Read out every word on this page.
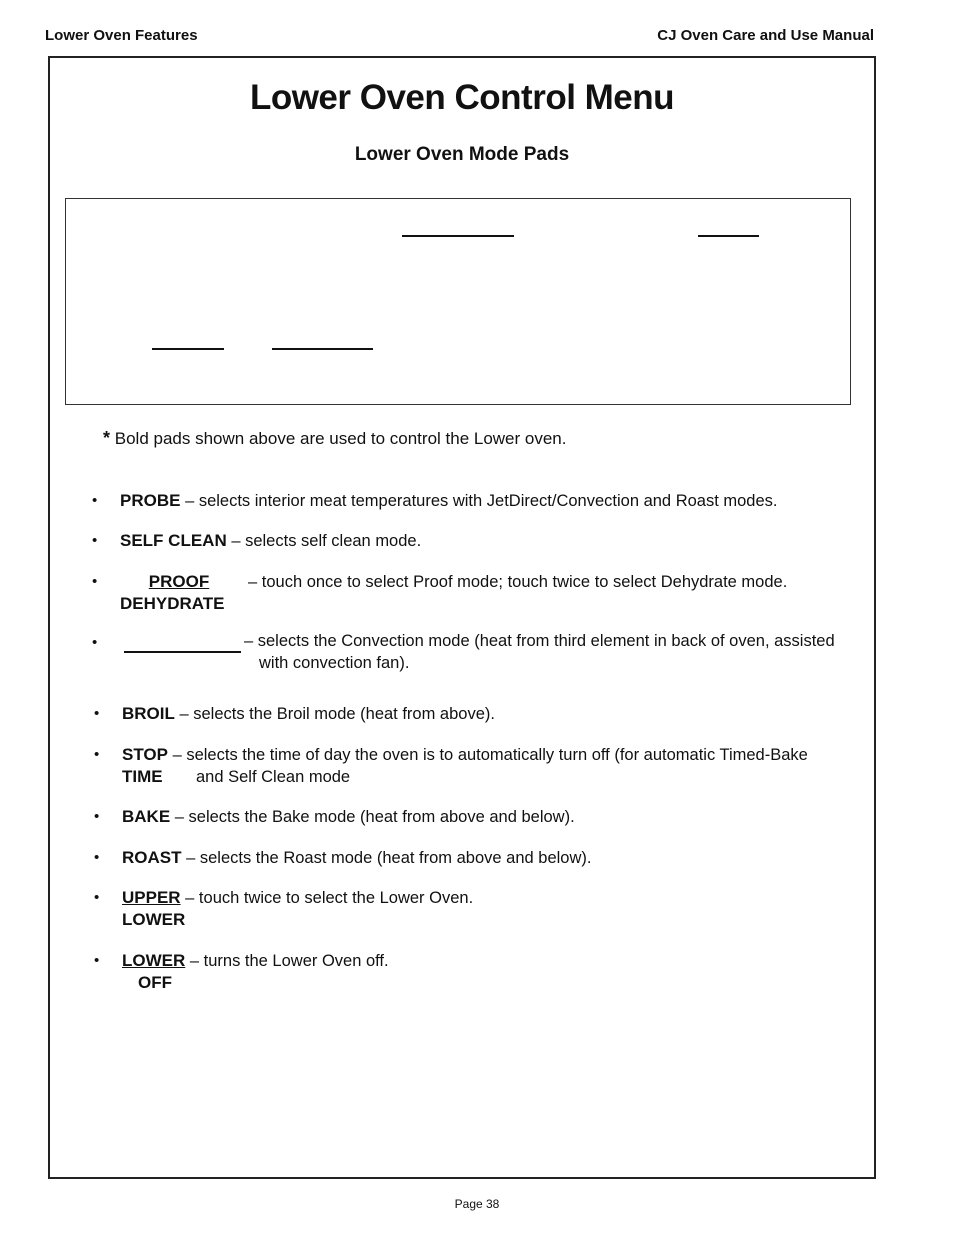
Lower Oven Features	CJ Oven Care and Use Manual
Lower Oven Control Menu
Lower Oven Mode Pads
* Bold pads shown above are used to control the Lower oven.
• PROBE – selects interior meat temperatures with JetDirect/Convection and Roast modes.
• SELF CLEAN – selects self clean mode.
•	PROOF	– touch once to select Proof mode; touch twice to select Dehydrate mode.
DEHYDRATE
•	– selects the Convection mode (heat from third element in back of oven, assisted
with convection fan).
• BROIL – selects the Broil mode (heat from above).
• STOP – selects the time of day the oven is to automatically turn off (for automatic Timed-Bake
TIME and Self Clean mode
• BAKE – selects the Bake mode (heat from above and below).
• ROAST – selects the Roast mode (heat from above and below).
• UPPER – touch twice to select the Lower Oven.
LOWER
• LOWER – turns the Lower Oven off.
OFF
Page 38
